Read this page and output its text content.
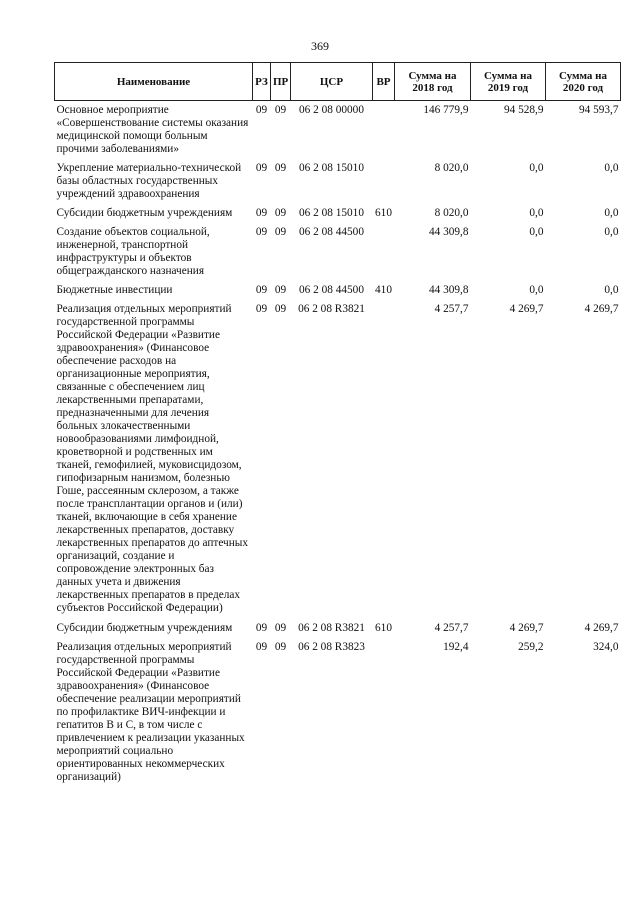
369
Наименование	РЗ	ПР	ЦСР	ВР	Сумма на 2018 год	Сумма на 2019 год	Сумма на 2020 год
Основное мероприятие «Совершенствование системы оказания медицинской помощи больным прочими заболеваниями»	09	09	06 2 08 00000		146 779,9	94 528,9	94 593,7
Укрепление материально-технической базы областных государственных учреждений здравоохранения	09	09	06 2 08 15010		8 020,0	0,0	0,0
Субсидии бюджетным учреждениям	09	09	06 2 08 15010	610	8 020,0	0,0	0,0
Создание объектов социальной, инженерной, транспортной инфраструктуры и объектов общегражданского назначения	09	09	06 2 08 44500		44 309,8	0,0	0,0
Бюджетные инвестиции	09	09	06 2 08 44500	410	44 309,8	0,0	0,0
Реализация отдельных мероприятий государственной программы Российской Федерации «Развитие здравоохранения» (Финансовое обеспечение расходов на организационные мероприятия, связанные с обеспечением лиц лекарственными препаратами, предназначенными для лечения больных злокачественными новообразованиями лимфоидной, кроветворной и родственных им тканей, гемофилией, муковисцидозом, гипофизарным нанизмом, болезнью Гоше, рассеянным склерозом, а также после трансплантации органов и (или) тканей, включающие в себя хранение лекарственных препаратов, доставку лекарственных препаратов до аптечных организаций, создание и сопровождение электронных баз данных учета и движения лекарственных препаратов в пределах субъектов Российской Федерации)	09	09	06 2 08 R3821		4 257,7	4 269,7	4 269,7
Субсидии бюджетным учреждениям	09	09	06 2 08 R3821	610	4 257,7	4 269,7	4 269,7
Реализация отдельных мероприятий государственной программы Российской Федерации «Развитие здравоохранения» (Финансовое обеспечение реализации мероприятий по профилактике ВИЧ-инфекции и гепатитов B и C, в том числе с привлечением к реализации указанных мероприятий социально ориентированных некоммерческих организаций)	09	09	06 2 08 R3823		192,4	259,2	324,0
